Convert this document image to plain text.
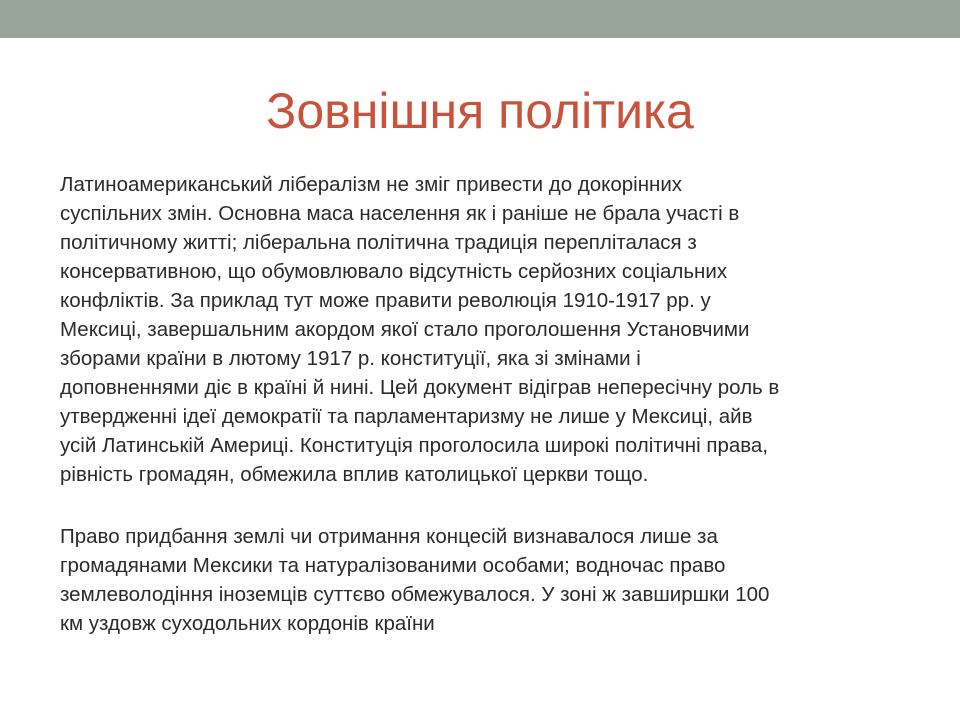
Зовнішня політика

Латиноамериканський лібералізм не зміг привести до докорінних
суспільних змін. Основна маса населення як і раніше не брала участі в
політичному житті; ліберальна політична традиція перепліталася з
консервативною, що обумовлювало відсутність серйозних соціальних
конфліктів. За приклад тут може правити революція 1910-1917 рр. у
Мексиці, завершальним акордом якої стало проголошення Установчими
зборами країни в лютому 1917 р. конституції, яка зі змінами і
доповненнями діє в країні й нині. Цей документ відіграв непересічну роль в
утвердженні ідеї демократії та парламентаризму не лише у Мексиці, айв
усій Латинській Америці. Конституція проголосила широкі політичні права,
рівність громадян, обмежила вплив католицької церкви тощо.

Право придбання землі чи отримання концесій визнавалося лише за
громадянами Мексики та натуралізованими особами; водночас право
землеволодіння іноземців суттєво обмежувалося. У зоні ж завширшки 100
км уздовж суходольних кордонів країни
